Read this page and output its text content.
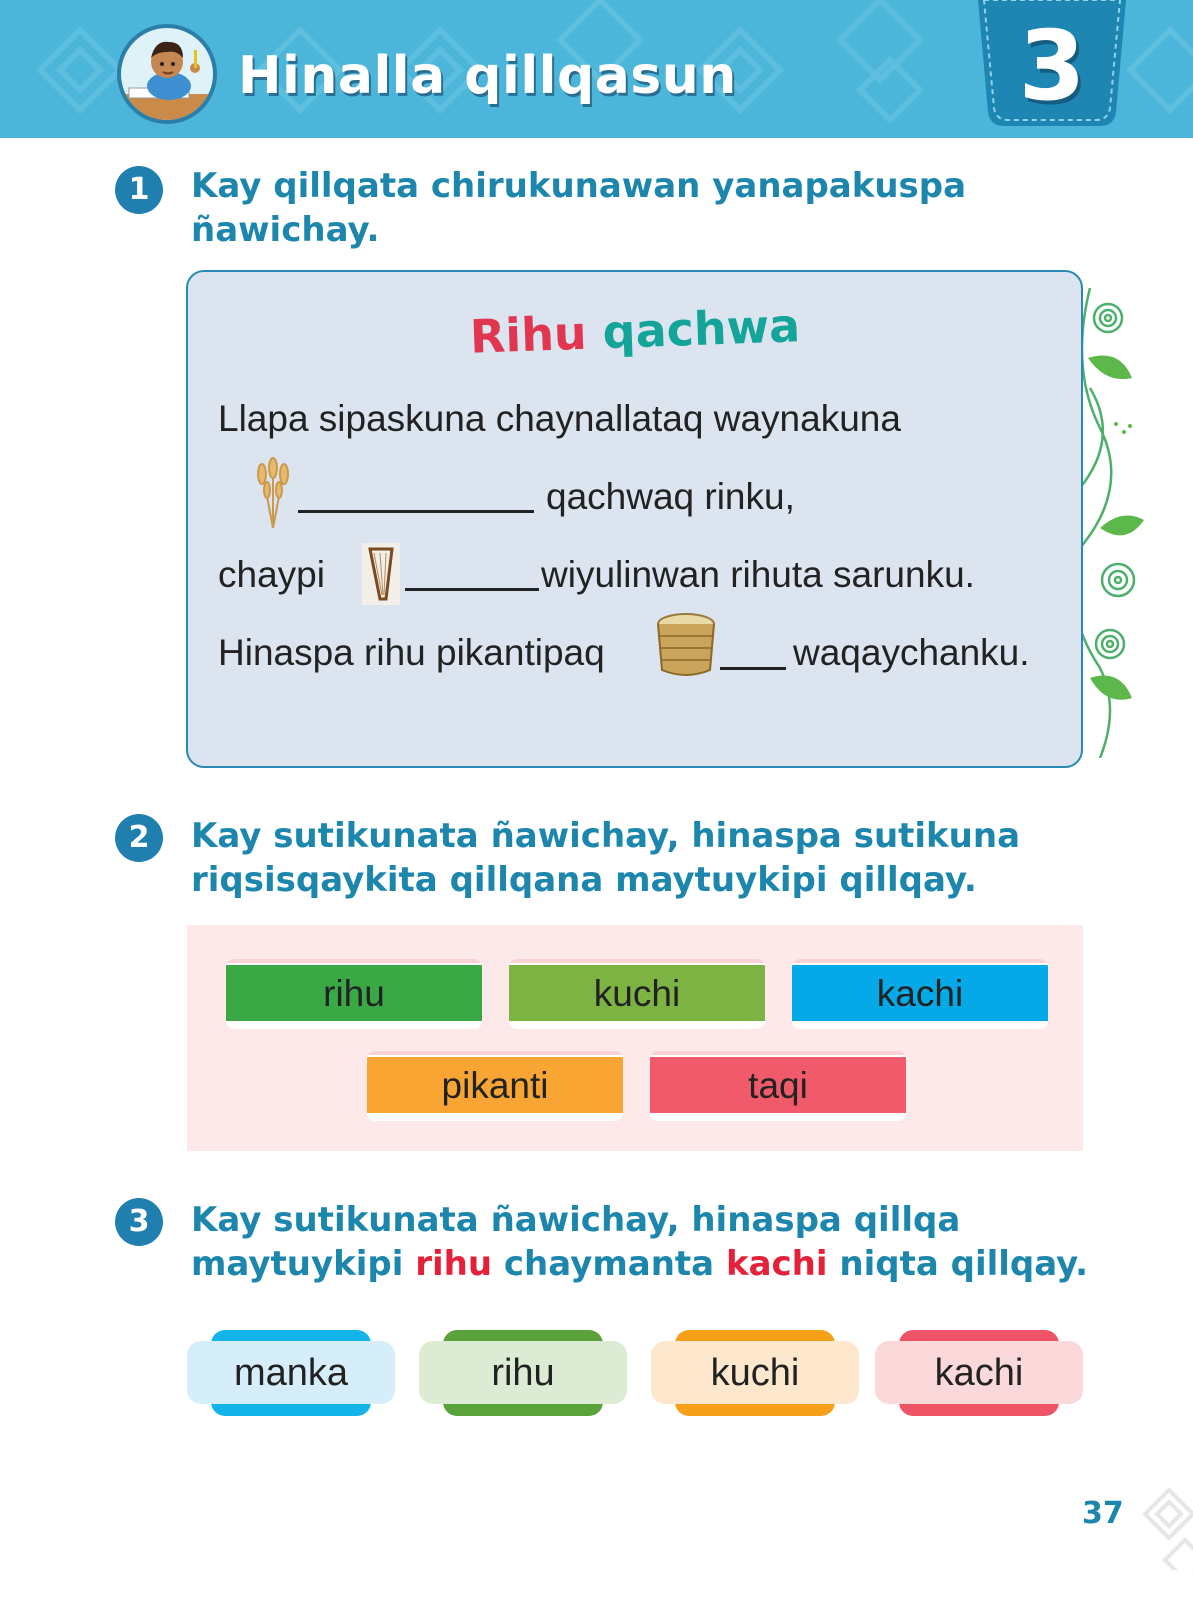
3
Hinalla qillqasun
1	Kay qillqata chirukunawan yanapakuspa
ñawichay.
Rihu qachwa
Llapa sipaskuna chaynallataq waynakuna
qachwaq rinku,
chaypi	wiyulinwan rihuta sarunku.
Hinaspa rihu pikantipaq	waqaychanku.
2	Kay sutikunata ñawichay, hinaspa sutikuna
riqsisqaykita qillqana maytuykipi qillqay.
rihu	kuchi	kachi
pikanti	taqi
3	Kay sutikunata ñawichay, hinaspa qillqa
maytuykipi rihu chaymanta kachi niqta qillqay.
manka	rihu	kuchi	kachi
37
